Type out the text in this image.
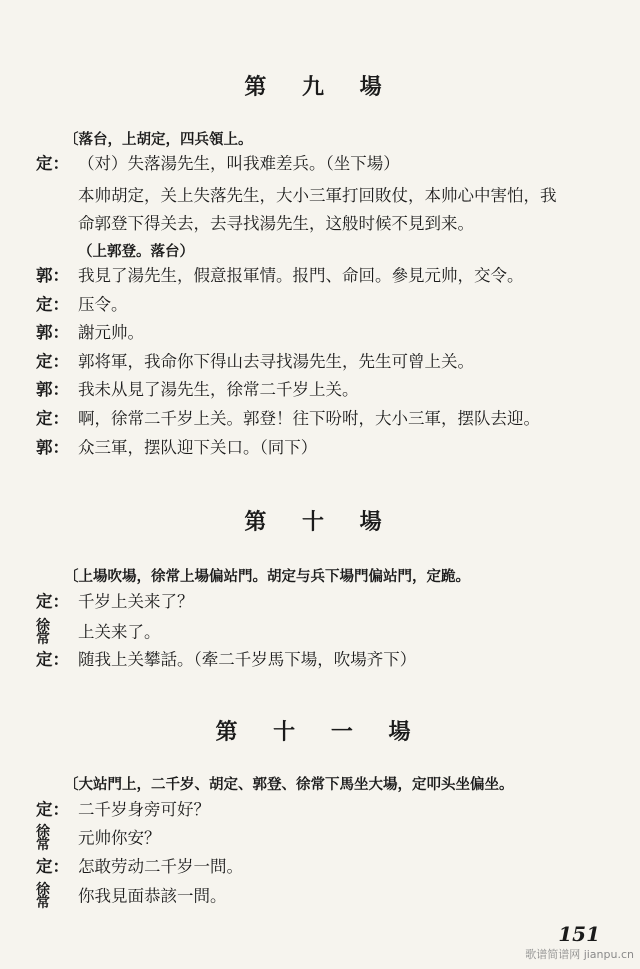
第 九 場
〔落台，上胡定，四兵領上。
定： （对）失落湯先生，叫我难差兵。（坐下場）
本帅胡定，关上失落先生，大小三軍打回敗仗，本帅心中害怕，我
命郭登下得关去，去寻找湯先生，这般时候不見到来。
（上郭登。落台）
郭： 我見了湯先生，假意报軍情。报門、命回。參見元帅，交令。
定： 压令。
郭： 謝元帅。
定： 郭将軍，我命你下得山去寻找湯先生，先生可曾上关。
郭： 我未从見了湯先生，徐常二千岁上关。
定： 啊，徐常二千岁上关。郭登！往下吩咐，大小三軍，摆队去迎。
郭： 众三軍，摆队迎下关口。（同下）
第 十 場
〔上場吹場，徐常上場偏站門。胡定与兵下場門偏站門，定跪。
定： 千岁上关来了？
徐
常	上关来了。
定： 随我上关攀話。（牽二千岁馬下場，吹場齐下）
第 十 一 場
〔大站門上，二千岁、胡定、郭登、徐常下馬坐大場，定叩头坐偏坐。
定： 二千岁身旁可好？
徐
常	元帅你安？
定： 怎敢劳动二千岁一問。
徐
常	你我見面恭該一問。
151
歌谱简谱网 jianpu.cn
